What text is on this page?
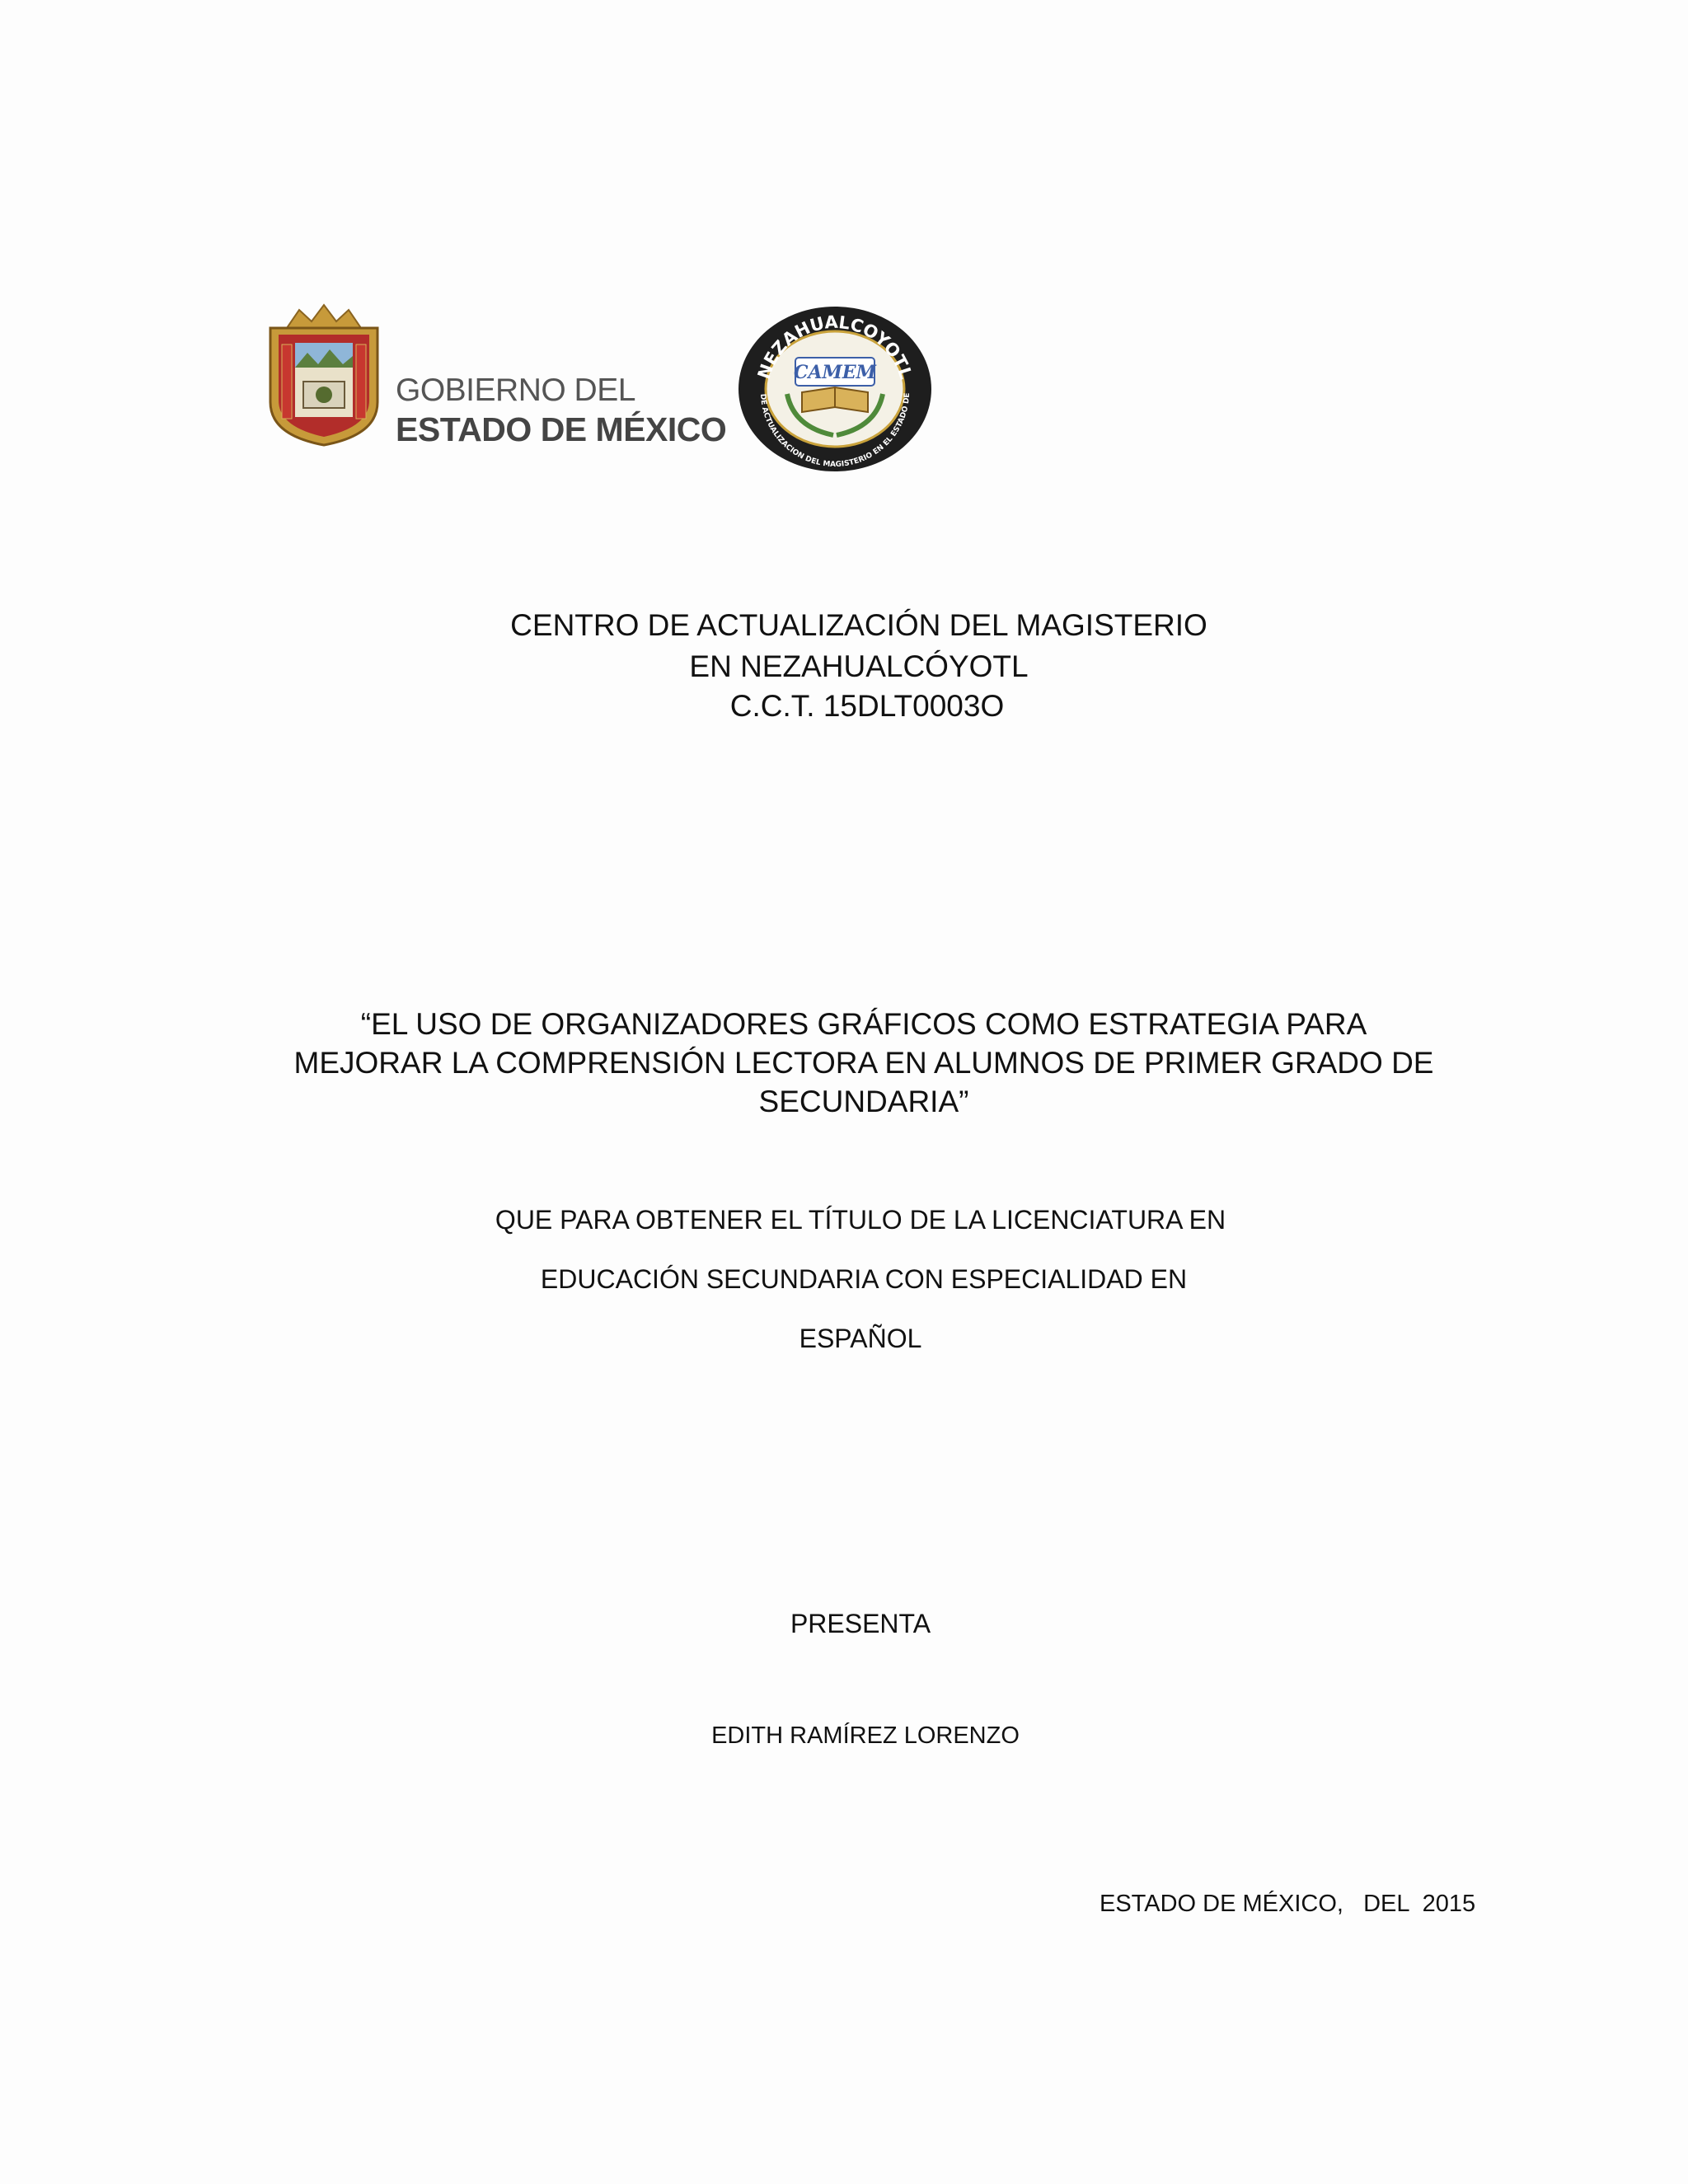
GOBIERNO DEL
ESTADO DE MÉXICO
NEZAHUALCOYOTL
DE ACTUALIZACION DEL MAGISTERIO EN EL ESTADO DE
CAMEM
CENTRO DE ACTUALIZACIÓN DEL MAGISTERIO
EN NEZAHUALCÓYOTL
C.C.T. 15DLT0003O
“EL USO DE ORGANIZADORES GRÁFICOS COMO ESTRATEGIA PARA
MEJORAR LA COMPRENSIÓN LECTORA EN ALUMNOS DE PRIMER GRADO DE
SECUNDARIA”
QUE PARA OBTENER EL TÍTULO DE LA LICENCIATURA EN
EDUCACIÓN SECUNDARIA CON ESPECIALIDAD EN
ESPAÑOL
PRESENTA
EDITH RAMÍREZ LORENZO
ESTADO DE MÉXICO,   DEL  2015
